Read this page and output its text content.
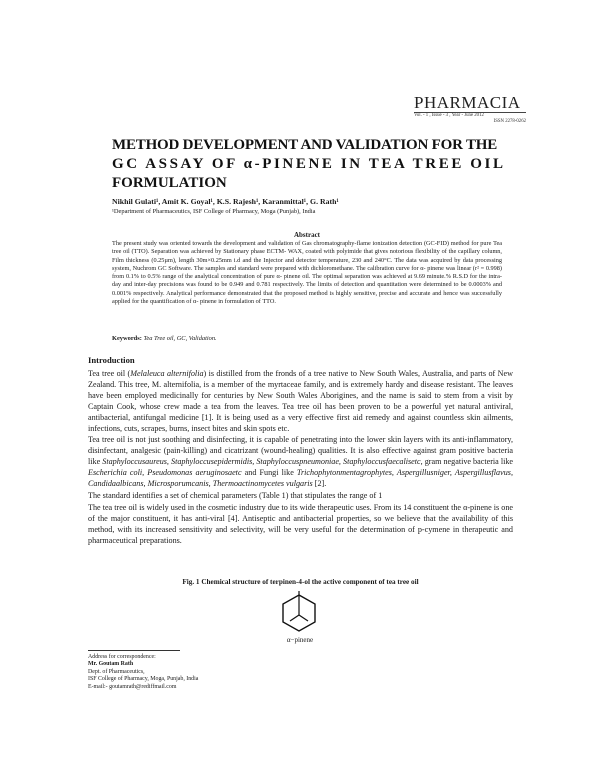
PHARMACIA
Vol. - 1 , Issue - 3 , Year - June 2012
ISSN 2278-0262
METHOD DEVELOPMENT AND VALIDATION FOR THE
GC ASSAY OF α-PINENE IN TEA TREE OIL
FORMULATION
Nikhil Gulati¹, Amit K. Goyal¹, K.S. Rajesh¹, Karanmittal¹, G. Rath¹
¹Department of Pharmaceutics, ISF College of Pharmacy, Moga (Punjab), India
Abstract

The present study was oriented towards the development and validation of Gas chromatography-flame ionization detection (GC-FID) method for pure Tea tree oil (TTO). Separation was achieved by Stationary phase ECTM- WAX, coated with polyimide that gives notorious flexibility of the capillary column, Film thickness (0.25µm), length 30m×0.25mm i.d and the Injector and detector temperature, 230 and 240°C. The data was acquired by data processing system, Nuchrom GC Software. The samples and standard were prepared with dichloromethane. The calibration curve for α- pinene was linear (r² = 0.998) from 0.1% to 0.5% range of the analytical concentration of pure α- pinene oil. The optimal separation was achieved at 9.69 minute.% R.S.D for the intra-day and inter-day precisions was found to be 0.949 and 0.781 respectively. The limits of detection and quantitation were determined to be 0.0003% and 0.001% respectively. Analytical performance demonstrated that the proposed method is highly sensitive, precise and accurate and hence was successfully applied for the quantification of α- pinene in formulation of TTO.

Keywords: Tea Tree oil, GC, Validation.
Introduction

Tea tree oil (Melaleuca alternifolia) is distilled from the fronds of a tree native to New South Wales, Australia, and parts of New Zealand. This tree, M. alternifolia, is a member of the myrtaceae family, and is extremely hardy and disease resistant. The leaves have been employed medicinally for centuries by New South Wales Aborigines, and the name is said to stem from a visit by Captain Cook, whose crew made a tea from the leaves. Tea tree oil has been proven to be a powerful yet natural antiviral, antibacterial, antifungal medicine [1]. It is being used as a very effective first aid remedy and against countless skin ailments, infections, cuts, scrapes, burns, insect bites and skin spots etc.

Tea tree oil is not just soothing and disinfecting, it is capable of penetrating into the lower skin layers with its anti-inflammatory, disinfectant, analgesic (pain-killing) and cicatrizant (wound-healing) qualities. It is also effective against gram positive bacteria like Staphyloccusaureus, Staphyloccusepidermidis, Staphyloccuspneumoniae, Staphyloccusfaecalisetc, gram negative bacteria like Escherichia coli, Pseudomonas aeruginosaetc and Fungi like Trichophytonmentagrophytes, Aspergillusniger, Aspergillusflavus, Candidaalbicans, Microsporumcanis, Thermoactinomycetes vulgaris [2].

The standard identifies a set of chemical parameters (Table 1) that stipulates the range of 1

The tea tree oil is widely used in the cosmetic industry due to its wide therapeutic uses. From its 14 constituent the α-pinene is one of the major constituent, it has anti-viral [4]. Antiseptic and antibacterial properties, so we believe that the availability of this method, with its increased sensitivity and selectivity, will be very useful for the determination of p-cymene in therapeutic and pharmaceutical preparations.

Fig. 1 Chemical structure of terpinen-4-ol the active component of tea tree oil
α−pinene
Address for correspondence:
Mr. Goutam Rath
Dept. of Pharmaceutics,
ISF College of Pharmacy, Moga, Punjab, India
E-mail:- goutamrath@rediffmail.com
